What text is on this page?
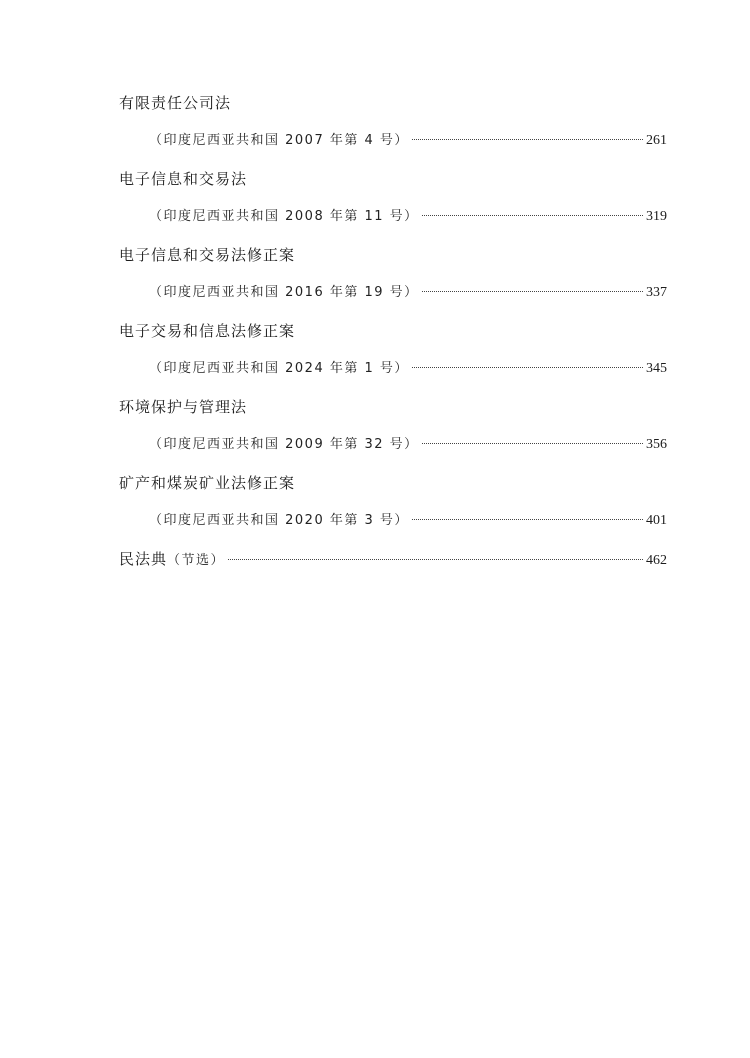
有限责任公司法
（印度尼西亚共和国 2007 年第 4 号）	261
电子信息和交易法
（印度尼西亚共和国 2008 年第 11 号）	319
电子信息和交易法修正案
（印度尼西亚共和国 2016 年第 19 号）	337
电子交易和信息法修正案
（印度尼西亚共和国 2024 年第 1 号）	345
环境保护与管理法
（印度尼西亚共和国 2009 年第 32 号）	356
矿产和煤炭矿业法修正案
（印度尼西亚共和国 2020 年第 3 号）	401
民法典 （节选）	462
